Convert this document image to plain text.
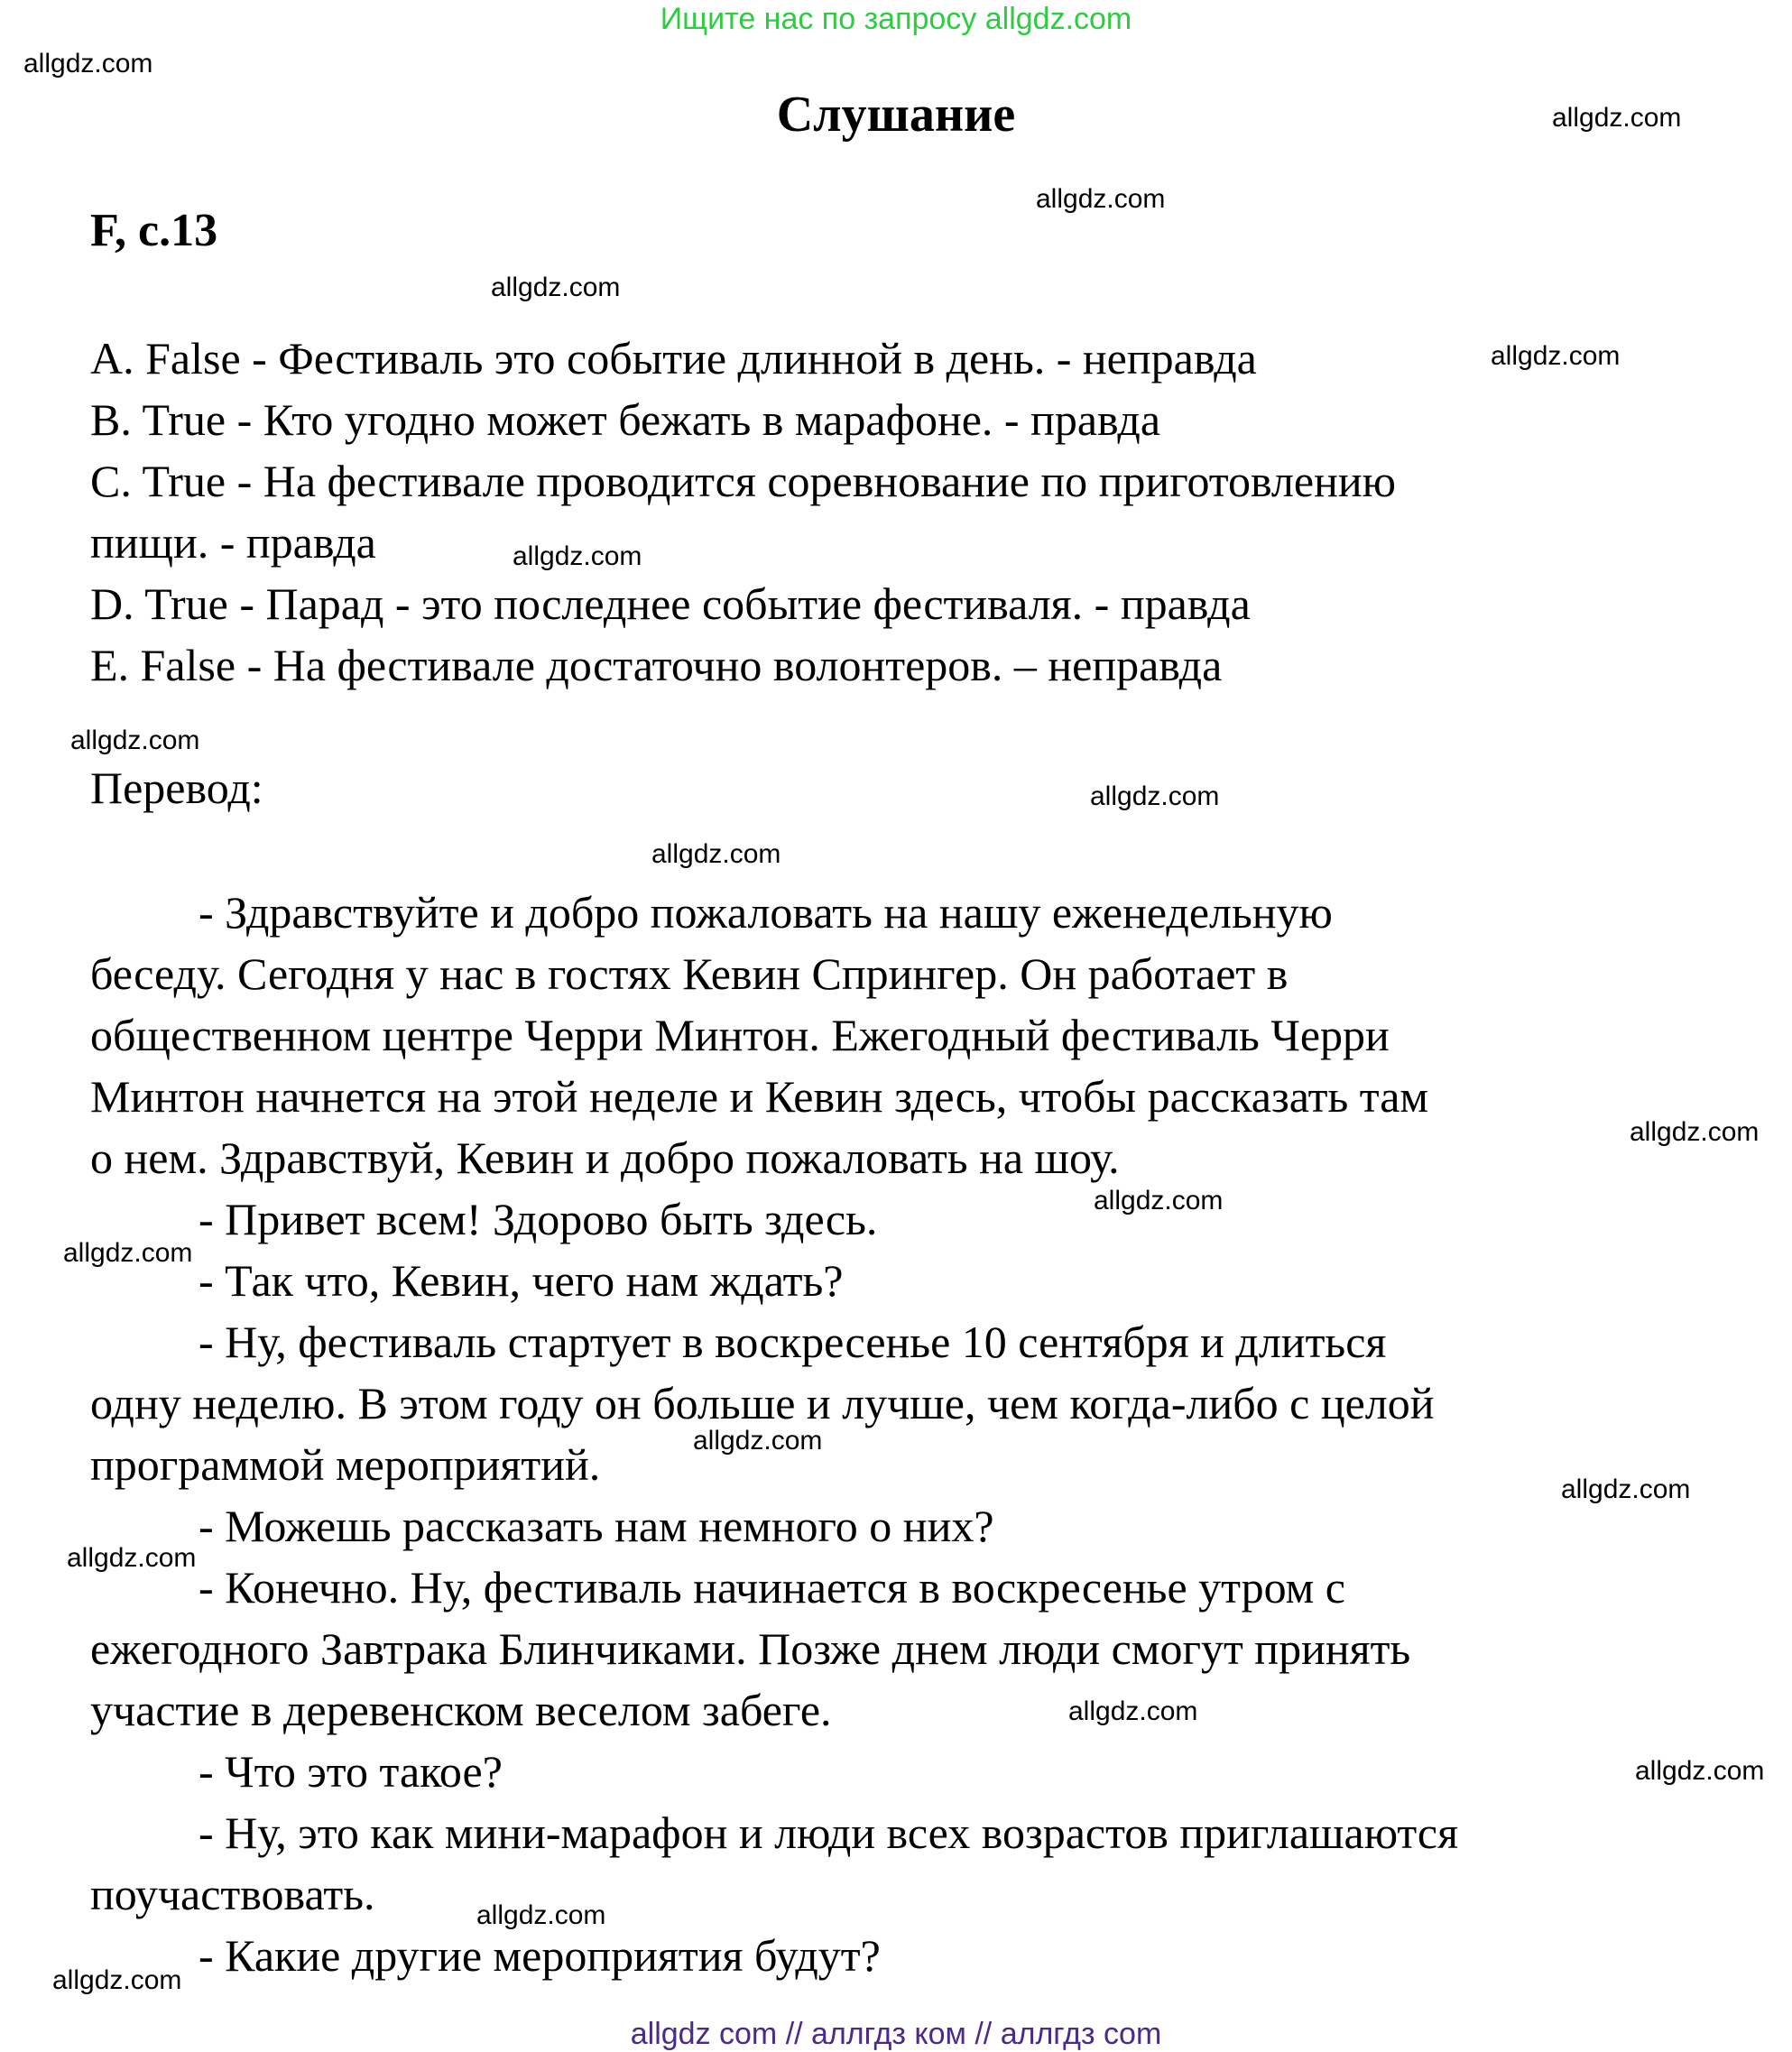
Ищите нас по запросу allgdz.com
Слушание
F, с.13
A. False - Фестиваль это событие длинной в день. - неправда
B. True - Кто угодно может бежать в марафоне. - правда
C. True - На фестивале проводится соревнование по приготовлению
пищи. - правда
D. True - Парад - это последнее событие фестиваля. - правда
E. False - На фестивале достаточно волонтеров. – неправда
Перевод:
- Здравствуйте и добро пожаловать на нашу еженедельную
беседу. Сегодня у нас в гостях Кевин Спрингер. Он работает в
общественном центре Черри Минтон. Ежегодный фестиваль Черри
Минтон начнется на этой неделе и Кевин здесь, чтобы рассказать там
о нем. Здравствуй, Кевин и добро пожаловать на шоу.
- Привет всем! Здорово быть здесь.
- Так что, Кевин, чего нам ждать?
- Ну, фестиваль стартует в воскресенье 10 сентября и длиться
одну неделю. В этом году он больше и лучше, чем когда-либо с целой
программой мероприятий.
- Можешь рассказать нам немного о них?
- Конечно. Ну, фестиваль начинается в воскресенье утром с
ежегодного Завтрака Блинчиками. Позже днем люди смогут принять
участие в деревенском веселом забеге.
- Что это такое?
- Ну, это как мини-марафон и люди всех возрастов приглашаются
поучаствовать.
- Какие другие мероприятия будут?
allgdz.com
allgdz.com
allgdz.com
allgdz.com
allgdz.com
allgdz.com
allgdz.com
allgdz.com
allgdz.com
allgdz.com
allgdz.com
allgdz.com
allgdz.com
allgdz.com
allgdz.com
allgdz.com
allgdz.com
allgdz.com
allgdz.com
allgdz com // аллгдз ком // аллгдз com
